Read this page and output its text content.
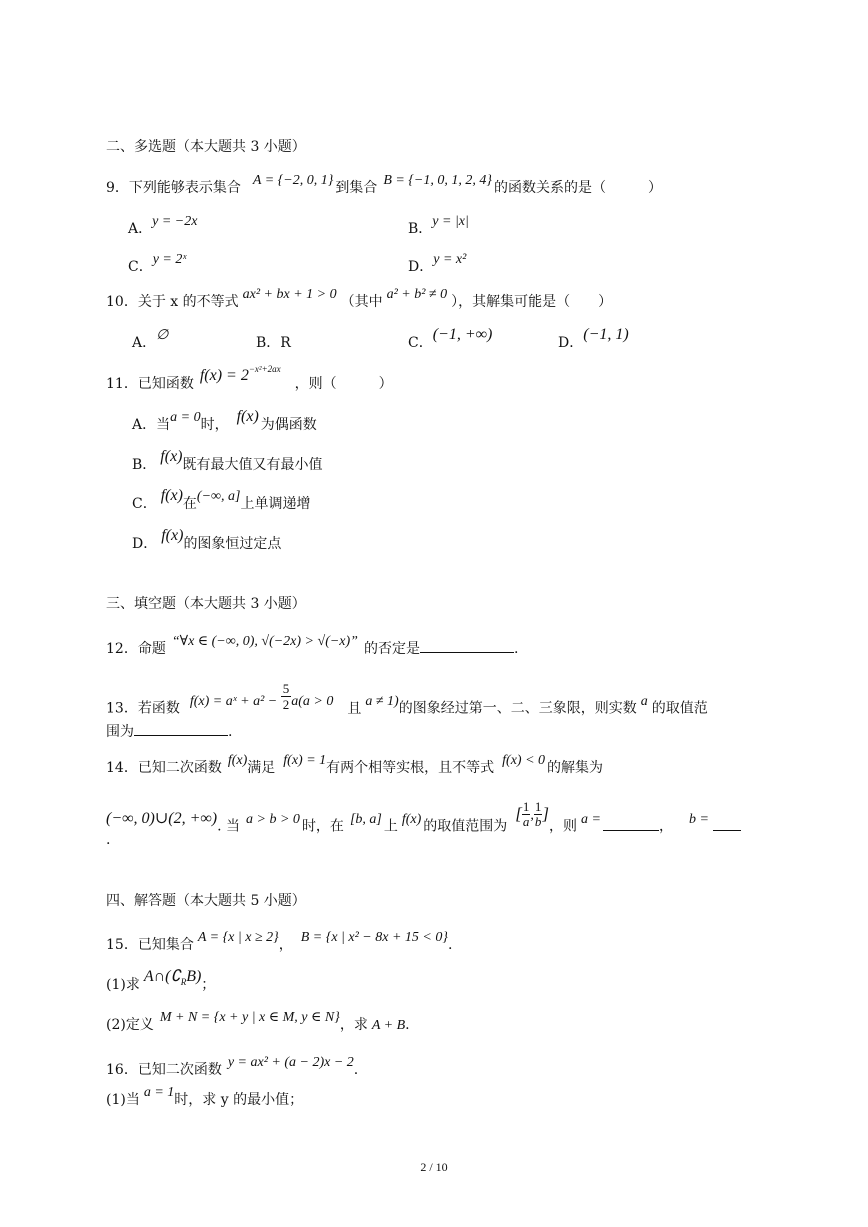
二、多选题（本大题共 3 小题）
9．下列能够表示集合 A = {−2, 0, 1} 到集合 B = {−1, 0, 1, 2, 4} 的函数关系的是（　　　）
A．y = −2x	B．y = |x|
C．y = 2ˣ	D．y = x²
10．关于 x 的不等式 ax² + bx + 1 > 0 （其中 a² + b² ≠ 0 ），其解集可能是（　　）
A．∅	B．R	C．(−1, +∞)	D．(−1, 1)
11．已知函数 $f(x) = 2^{-x^2+2ax}$，则（　　　）
A．当a = 0时， f(x) 为偶函数
B． f(x)既有最大值又有最小值
C． f(x)在(−∞, a]上单调递增
D． f(x)的图象恒过定点
三、填空题（本大题共 3 小题）
12．命题 “∀x ∈ (−∞, 0), √(−2x) > √(−x)” 的否定是	.
13．若函数 f(x) = aˣ + $a^2 - \frac{5}{2} a(a > 0$ 且 a ≠ 1)的图象经过第一、二、三象限，则实数 a 的取值范
围为	.
14．已知二次函数 f(x)满足 f(x) = 1有两个相等实根，且不等式 f(x) < 0 的解集为
(−∞, 0)∪(2, +∞). 当 a > b > 0 时，在 [b, a] 上 f(x) 的取值范围为[ $\frac{1}{a}$ , $\frac{1}{b}$ ]，则 a =	， b =
.
四、解答题（本大题共 5 小题）
15．已知集合 A = {x | x ≥ 2}， B = {x | x² − 8x + 15 < 0}.
(1)求 A∩(∁$^R$B)；
(2)定义 M + N = {x + y | x ∈ M, y ∈ N}，求 A + B.
16．已知二次函数 y = ax² + (a − 2)x − 2.
(1)当 a = 1时，求 y 的最小值；
2 / 10
